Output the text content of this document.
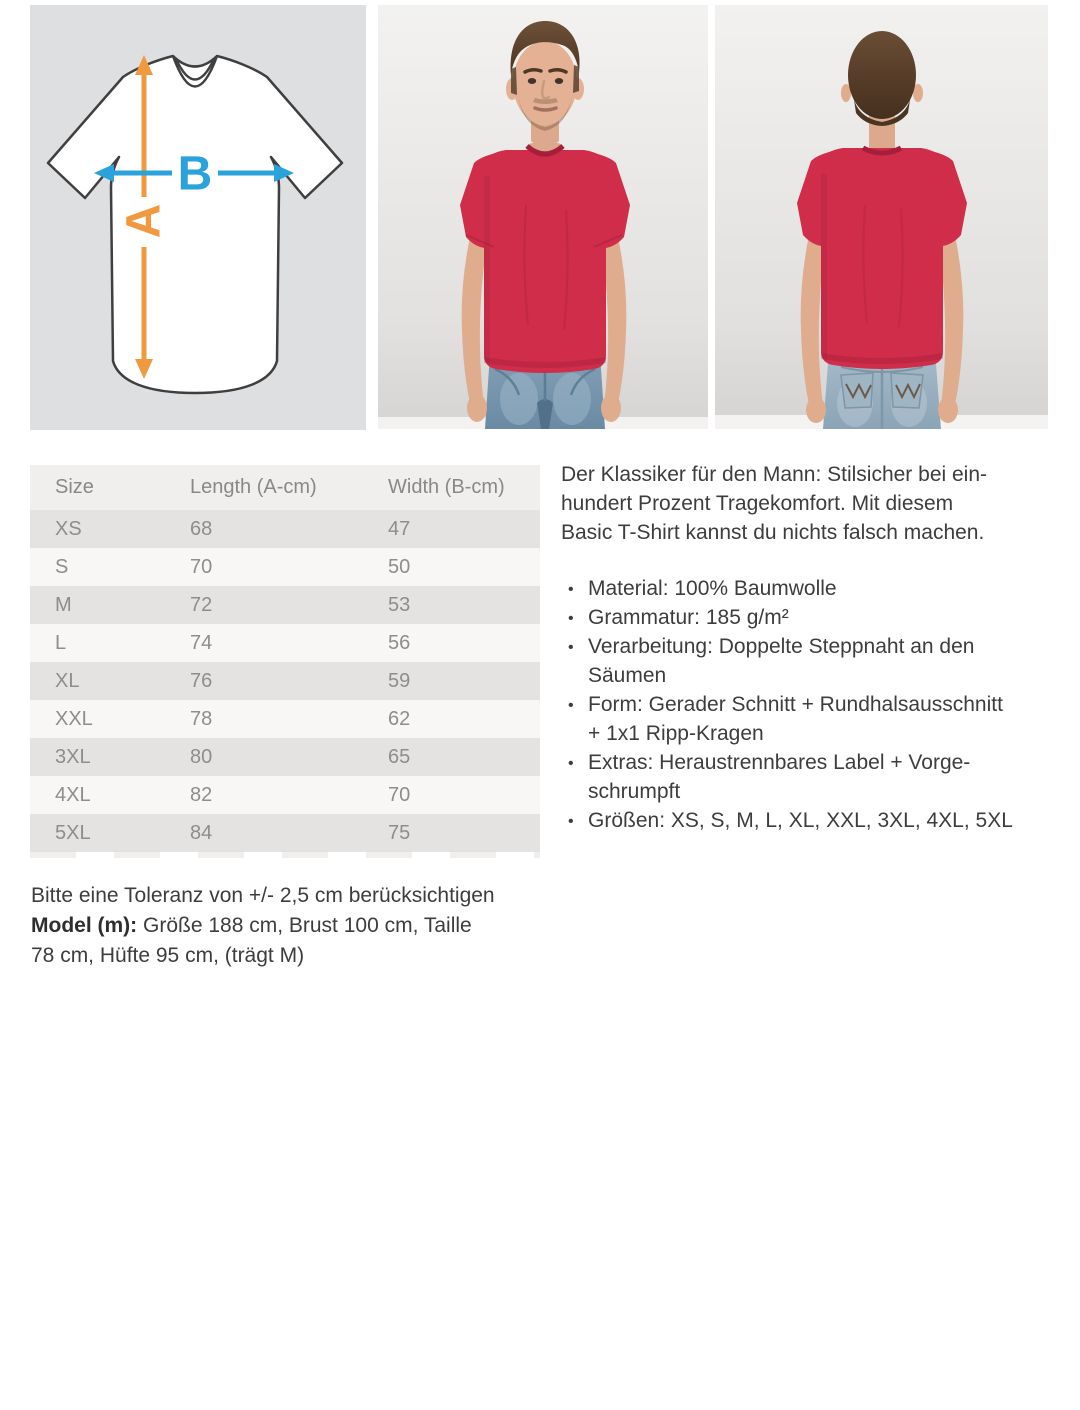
A
B
Size	Length (A-cm)	Width (B-cm)
XS	68	47
S	70	50
M	72	53
L	74	56
XL	76	59
XXL	78	62
3XL	80	65
4XL	82	70
5XL	84	75

Der Klassiker für den Mann: Stilsicher bei ein-
hundert Prozent Tragekomfort. Mit diesem
Basic T-Shirt kannst du nichts falsch machen.

• Material: 100% Baumwolle
• Grammatur: 185 g/m²
• Verarbeitung: Doppelte Steppnaht an den
Säumen
• Form: Gerader Schnitt + Rundhalsausschnitt
+ 1x1 Ripp-Kragen
• Extras: Heraustrennbares Label + Vorge-
schrumpft
• Größen: XS, S, M, L, XL, XXL, 3XL, 4XL, 5XL

Bitte eine Toleranz von +/- 2,5 cm berücksichtigen

Model (m): Größe 188 cm, Brust 100 cm, Taille
78 cm, Hüfte 95 cm, (trägt M)
